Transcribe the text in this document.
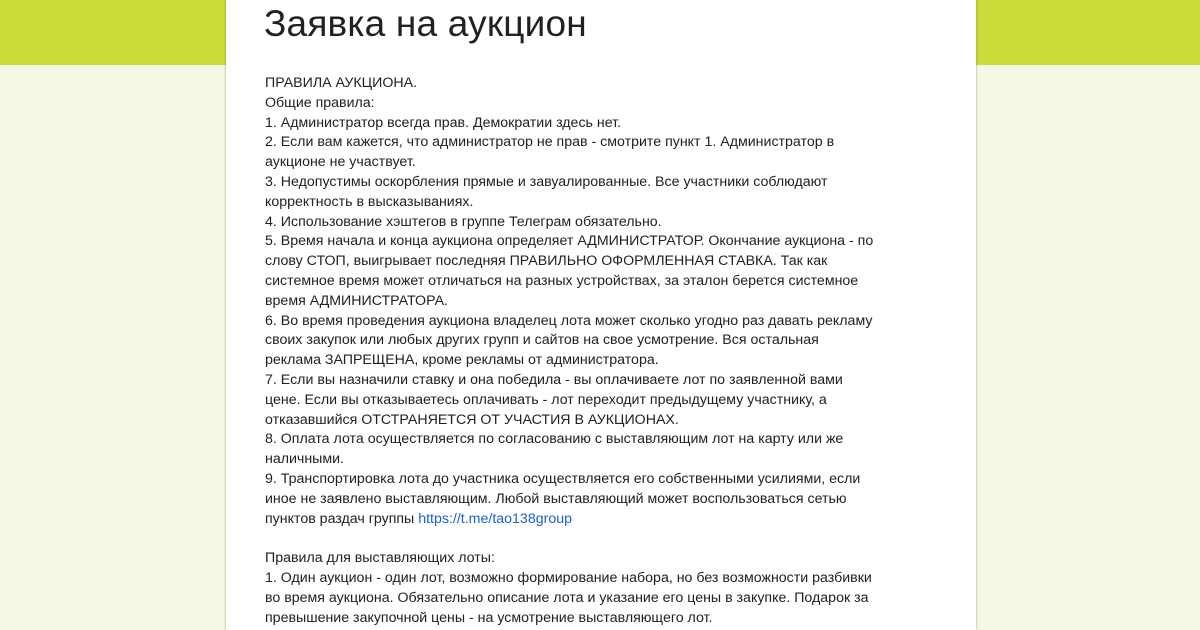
Заявка на аукцион
ПРАВИЛА АУКЦИОНА.
Общие правила:
1. Администратор всегда прав. Демократии здесь нет.
2. Если вам кажется, что администратор не прав - смотрите пункт 1. Администратор в
аукционе не участвует.
3. Недопустимы оскорбления прямые и завуалированные. Все участники соблюдают
корректность в высказываниях.
4. Использование хэштегов в группе Телеграм обязательно.
5. Время начала и конца аукциона определяет АДМИНИСТРАТОР. Окончание аукциона - по
слову СТОП, выигрывает последняя ПРАВИЛЬНО ОФОРМЛЕННАЯ СТАВКА. Так как
системное время может отличаться на разных устройствах, за эталон берется системное
время АДМИНИСТРАТОРА.
6. Во время проведения аукциона владелец лота может сколько угодно раз давать рекламу
своих закупок или любых других групп и сайтов на свое усмотрение. Вся остальная
реклама ЗАПРЕЩЕНА, кроме рекламы от администратора.
7. Если вы назначили ставку и она победила - вы оплачиваете лот по заявленной вами
цене. Если вы отказываетесь оплачивать - лот переходит предыдущему участнику, а
отказавшийся ОТСТРАНЯЕТСЯ ОТ УЧАСТИЯ В АУКЦИОНАХ.
8. Оплата лота осуществляется по согласованию с выставляющим лот на карту или же
наличными.
9. Транспортировка лота до участника осуществляется его собственными усилиями, если
иное не заявлено выставляющим. Любой выставляющий может воспользоваться сетью
пунктов раздач группы https://t.me/tao138group
Правила для выставляющих лоты:
1. Один аукцион - один лот, возможно формирование набора, но без возможности разбивки
во время аукциона. Обязательно описание лота и указание его цены в закупке. Подарок за
превышение закупочной цены - на усмотрение выставляющего лот.
